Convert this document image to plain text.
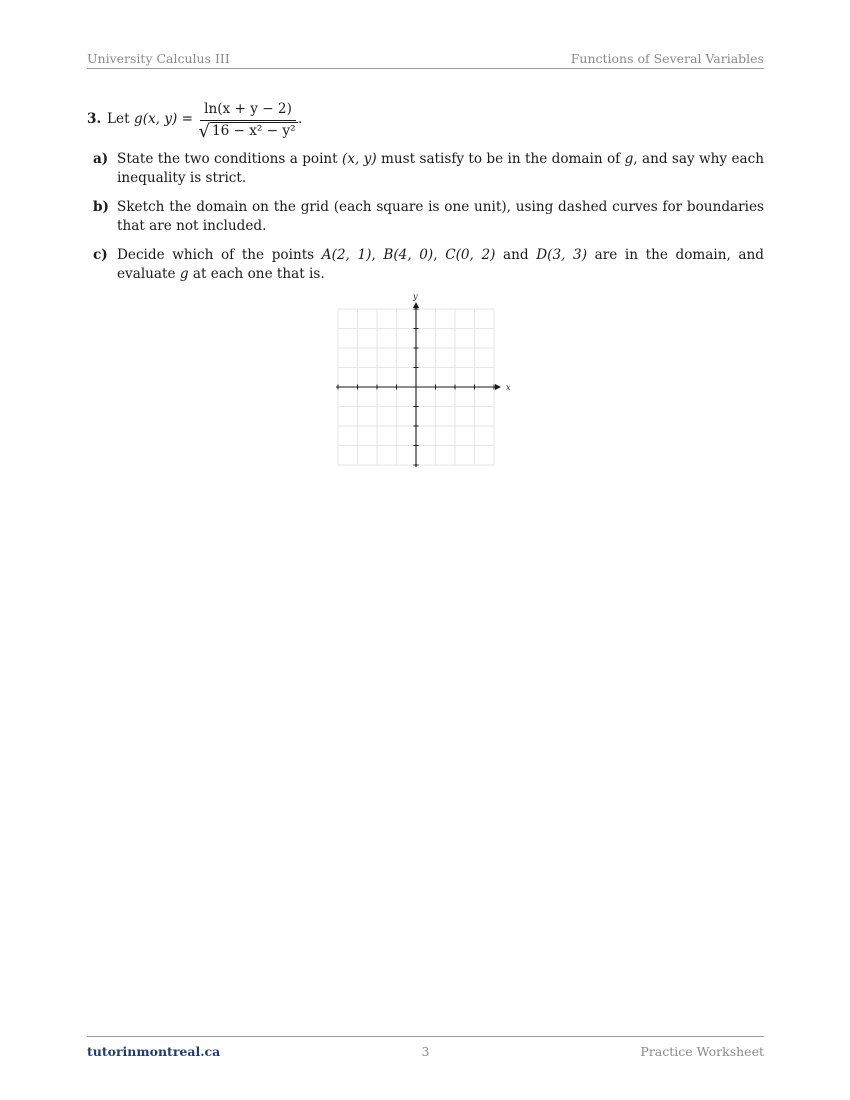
University Calculus III	Functions of Several Variables
3. Let g(x, y) =
ln(x + y − 2)
√ 16 − x² − y²
.
a) State the two conditions a point (x, y) must satisfy to be in the domain of g, and say why each inequality is strict.
b) Sketch the domain on the grid (each square is one unit), using dashed curves for boundaries that are not included.
c) Decide which of the points A(2, 1), B(4, 0), C(0, 2) and D(3, 3) are in the domain, and evaluate g at each one that is.
x
y
tutorinmontreal.ca	3	Practice Worksheet
